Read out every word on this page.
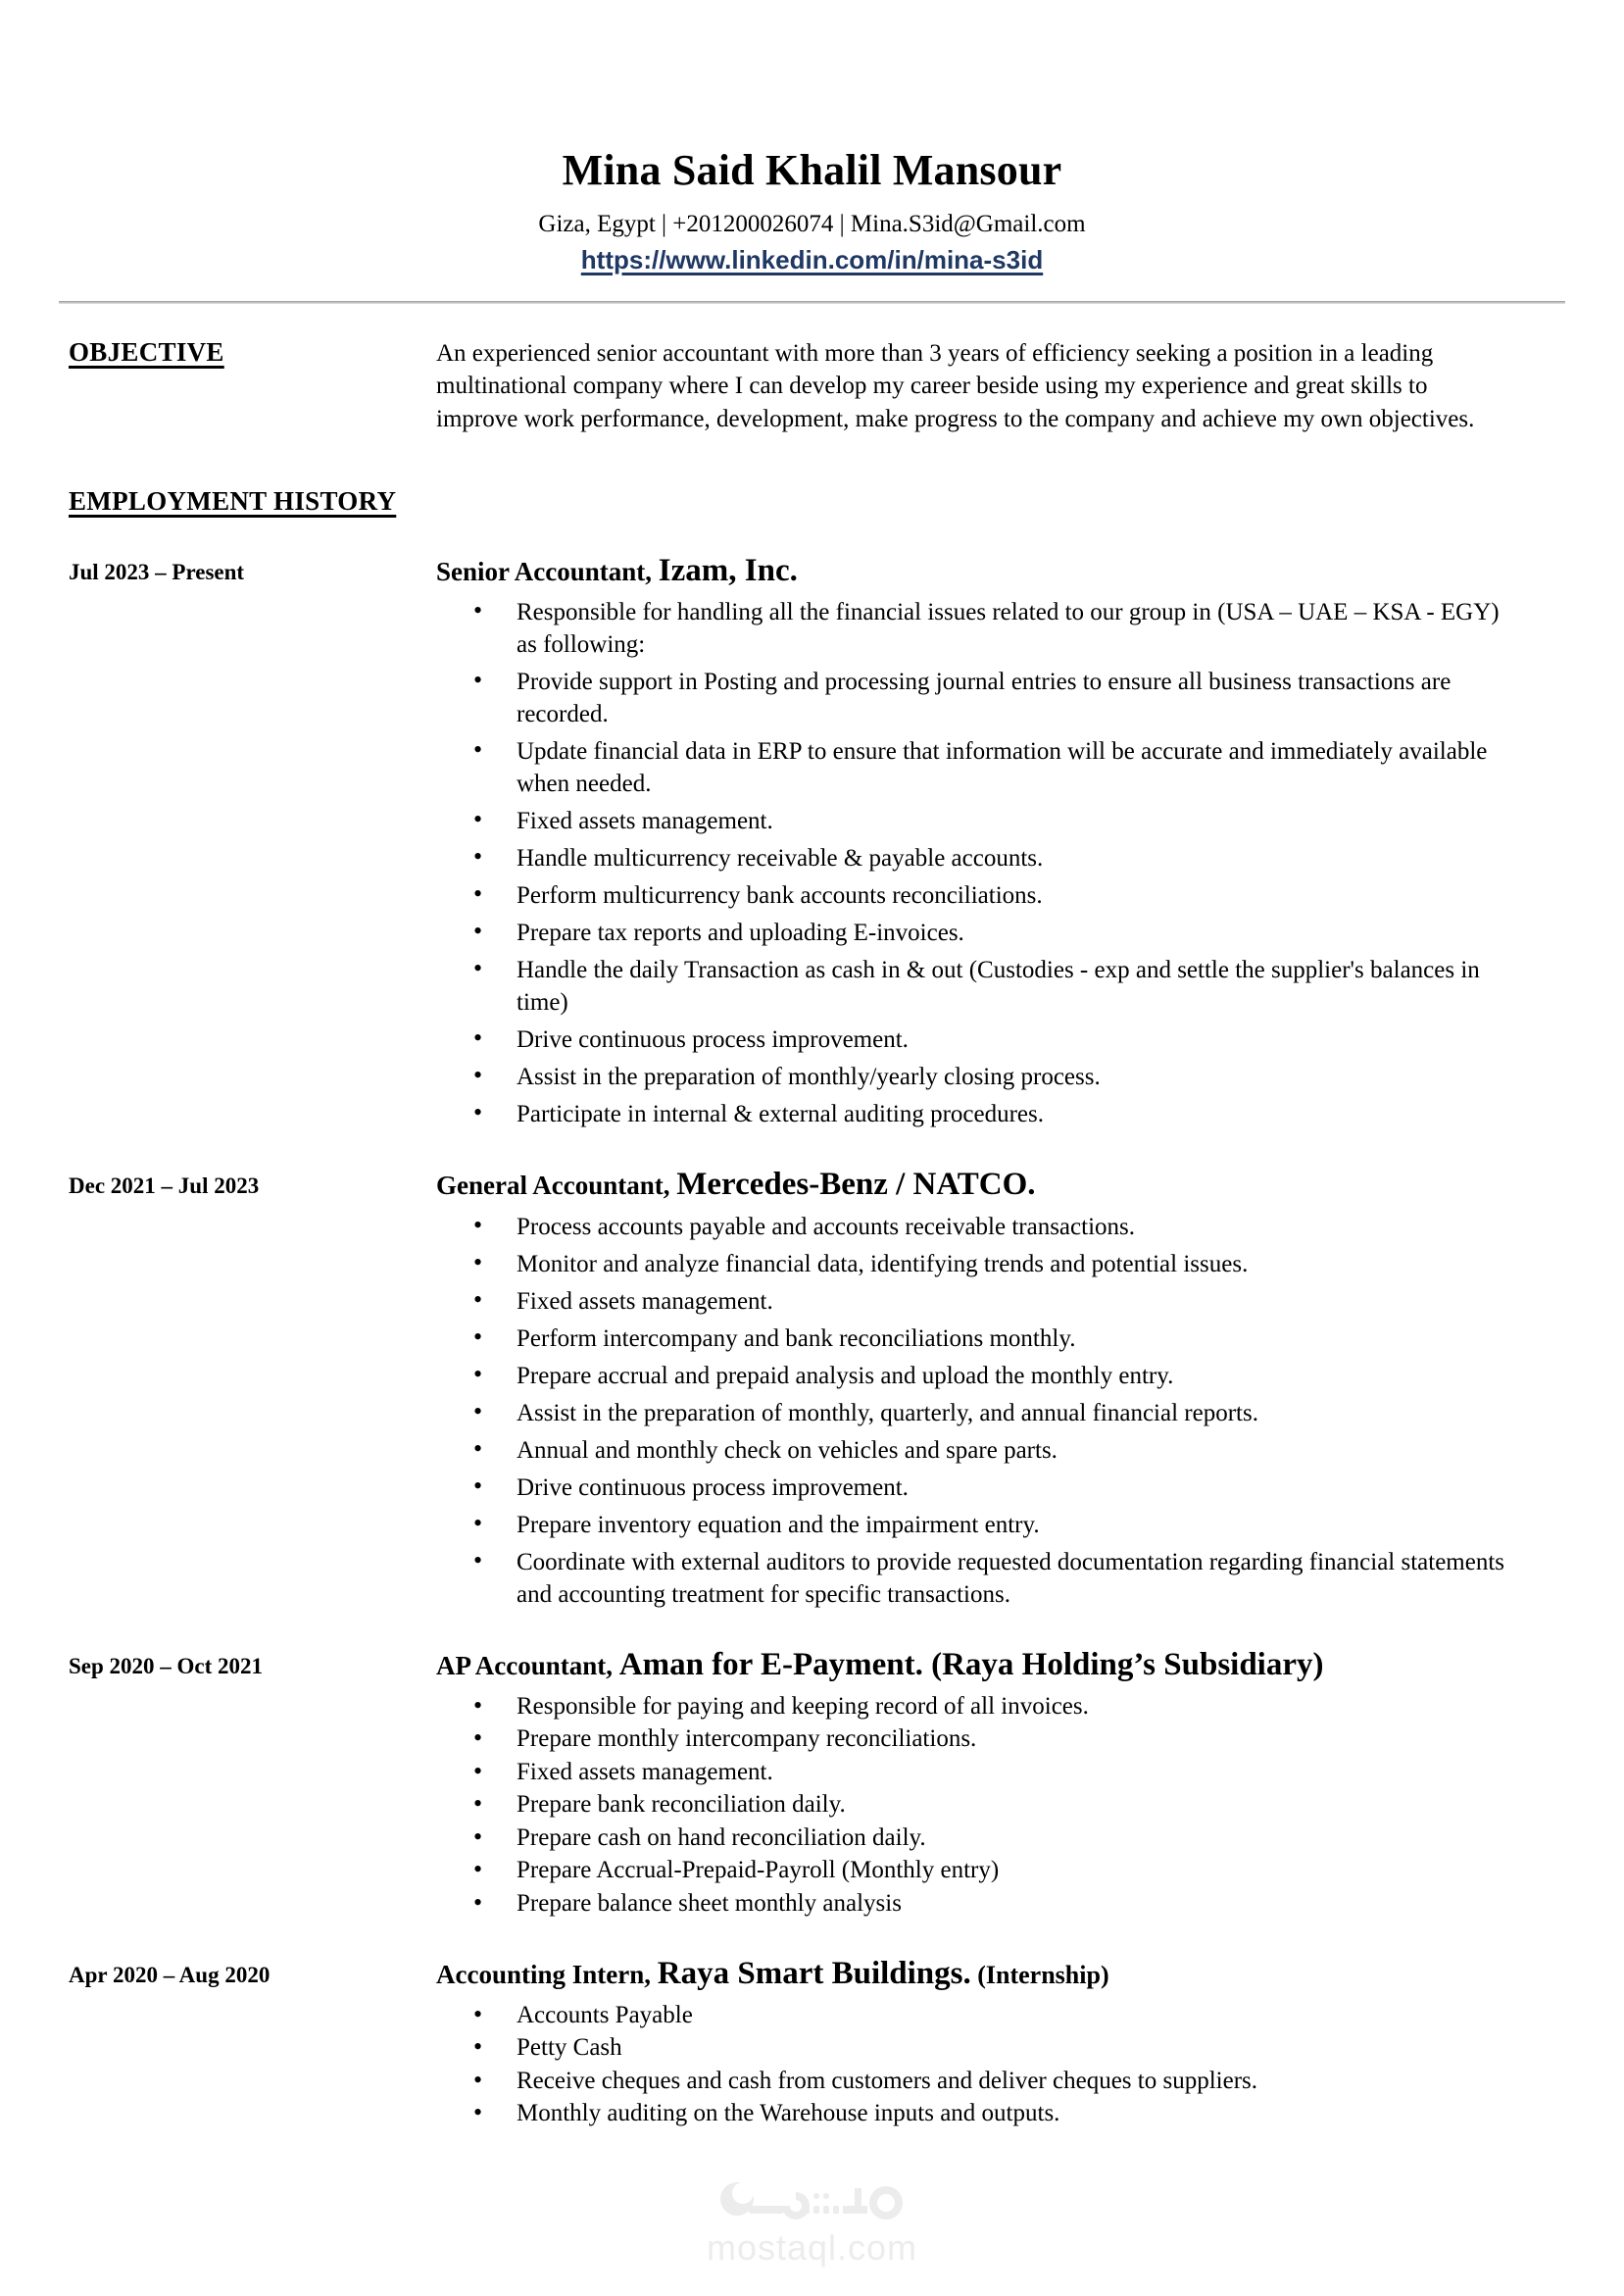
Mina Said Khalil Mansour
Giza, Egypt | +201200026074 | Mina.S3id@Gmail.com
https://www.linkedin.com/in/mina-s3id
OBJECTIVE	An experienced senior accountant with more than 3 years of efficiency seeking a position in a leading multinational company where I can develop my career beside using my experience and great skills to improve work performance, development, make progress to the company and achieve my own objectives.
EMPLOYMENT HISTORY
Jul 2023 – Present	Senior Accountant, Izam, Inc.
• Responsible for handling all the financial issues related to our group in (USA – UAE – KSA - EGY) as following:
• Provide support in Posting and processing journal entries to ensure all business transactions are recorded.
• Update financial data in ERP to ensure that information will be accurate and immediately available when needed.
• Fixed assets management.
• Handle multicurrency receivable & payable accounts.
• Perform multicurrency bank accounts reconciliations.
• Prepare tax reports and uploading E-invoices.
• Handle the daily Transaction as cash in & out (Custodies - exp and settle the supplier's balances in time)
• Drive continuous process improvement.
• Assist in the preparation of monthly/yearly closing process.
• Participate in internal & external auditing procedures.
Dec 2021 – Jul 2023	General Accountant, Mercedes-Benz / NATCO.
• Process accounts payable and accounts receivable transactions.
• Monitor and analyze financial data, identifying trends and potential issues.
• Fixed assets management.
• Perform intercompany and bank reconciliations monthly.
• Prepare accrual and prepaid analysis and upload the monthly entry.
• Assist in the preparation of monthly, quarterly, and annual financial reports.
• Annual and monthly check on vehicles and spare parts.
• Drive continuous process improvement.
• Prepare inventory equation and the impairment entry.
• Coordinate with external auditors to provide requested documentation regarding financial statements and accounting treatment for specific transactions.
Sep 2020 – Oct 2021	AP Accountant, Aman for E-Payment. (Raya Holding’s Subsidiary)
• Responsible for paying and keeping record of all invoices.
• Prepare monthly intercompany reconciliations.
• Fixed assets management.
• Prepare bank reconciliation daily.
• Prepare cash on hand reconciliation daily.
• Prepare Accrual-Prepaid-Payroll (Monthly entry)
• Prepare balance sheet monthly analysis
Apr 2020 – Aug 2020	Accounting Intern, Raya Smart Buildings. (Internship)
• Accounts Payable
• Petty Cash
• Receive cheques and cash from customers and deliver cheques to suppliers.
• Monthly auditing on the Warehouse inputs and outputs.
mostaql.com
